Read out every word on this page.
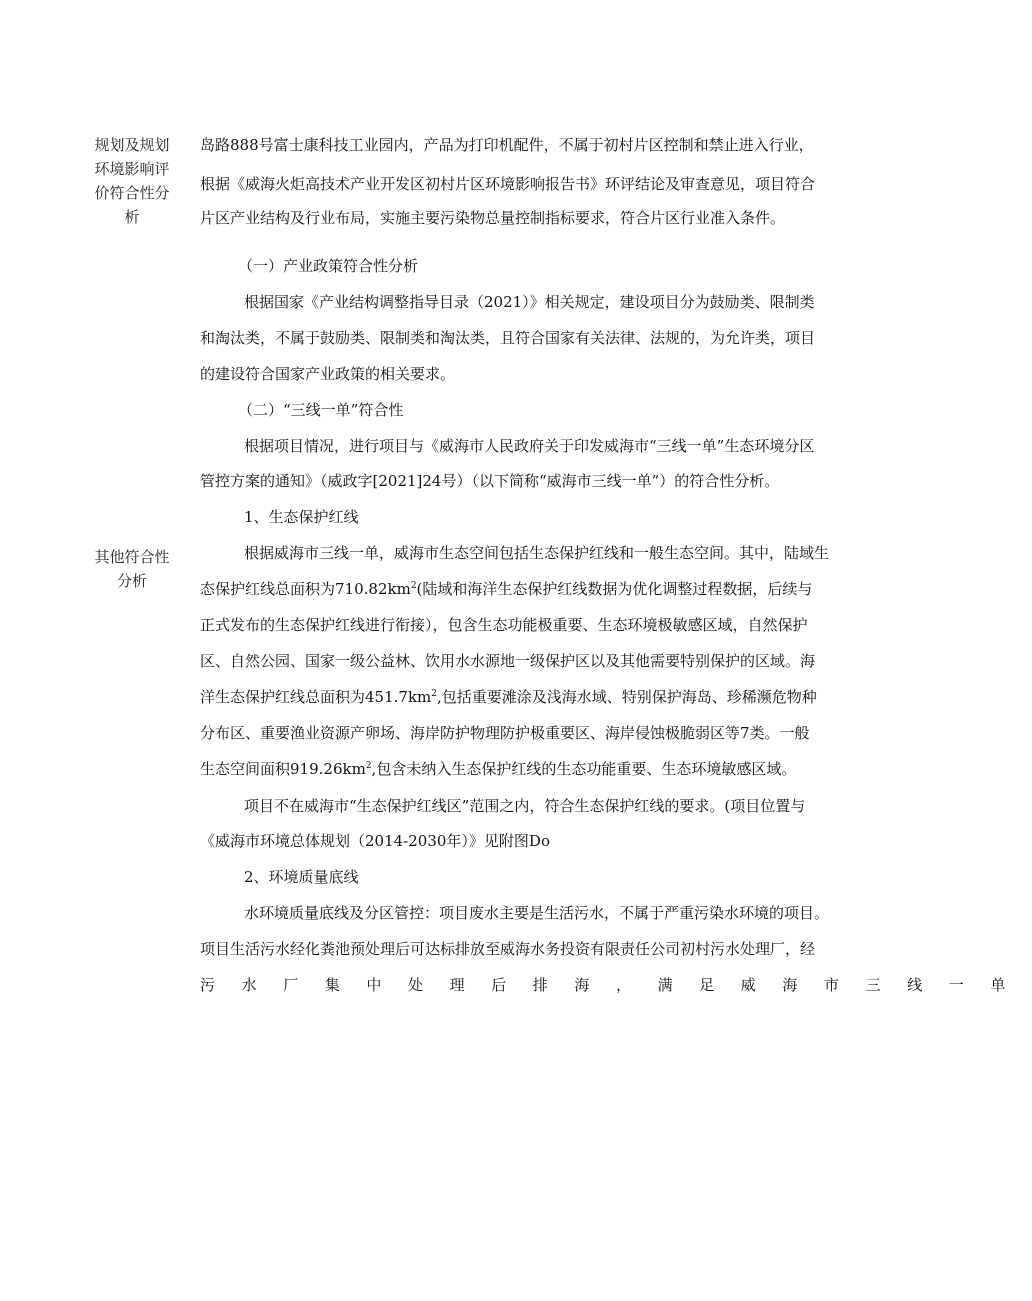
规划及规划
环境影响评
价符合性分
析
其他符合性
分析
岛路888号富士康科技工业园内，产品为打印机配件，不属于初村片区控制和禁止进入行业，
根据《威海火炬高技术产业开发区初村片区环境影响报告书》环评结论及审查意见，项目符合
片区产业结构及行业布局，实施主要污染物总量控制指标要求，符合片区行业准入条件。
（一）产业政策符合性分析
根据国家《产业结构调整指导目录（2021）》相关规定，建设项目分为鼓励类、限制类
和淘汰类，不属于鼓励类、限制类和淘汰类，且符合国家有关法律、法规的，为允许类，项目
的建设符合国家产业政策的相关要求。
（二）“三线一单”符合性
根据项目情况，进行项目与《威海市人民政府关于印发威海市“三线一单”生态环境分区
管控方案的通知》（威政字[2021]24号）（以下简称“威海市三线一单”）的符合性分析。
1、生态保护红线
根据威海市三线一单，威海市生态空间包括生态保护红线和一般生态空间。其中，陆域生
态保护红线总面积为$710.82km^2$(陆域和海洋生态保护红线数据为优化调整过程数据，后续与
正式发布的生态保护红线进行衔接），包含生态功能极重要、生态环境极敏感区域，自然保护
区、自然公园、国家一级公益林、饮用水水源地一级保护区以及其他需要特别保护的区域。海
洋生态保护红线总面积为$451.7km^2$,包括重要滩涂及浅海水域、特别保护海岛、珍稀濒危物种
分布区、重要渔业资源产卵场、海岸防护物理防护极重要区、海岸侵蚀极脆弱区等7类。一般
生态空间面积$919.26km^2$,包含未纳入生态保护红线的生态功能重要、生态环境敏感区域。
项目不在威海市“生态保护红线区”范围之内，符合生态保护红线的要求。(项目位置与
《威海市环境总体规划（2014-2030年）》见附图Do
2、环境质量底线
水环境质量底线及分区管控：项目废水主要是生活污水，不属于严重污染水环境的项目。
项目生活污水经化粪池预处理后可达标排放至威海水务投资有限责任公司初村污水处理厂，经
污水厂集中处理后排海，满足威海市三线一单
